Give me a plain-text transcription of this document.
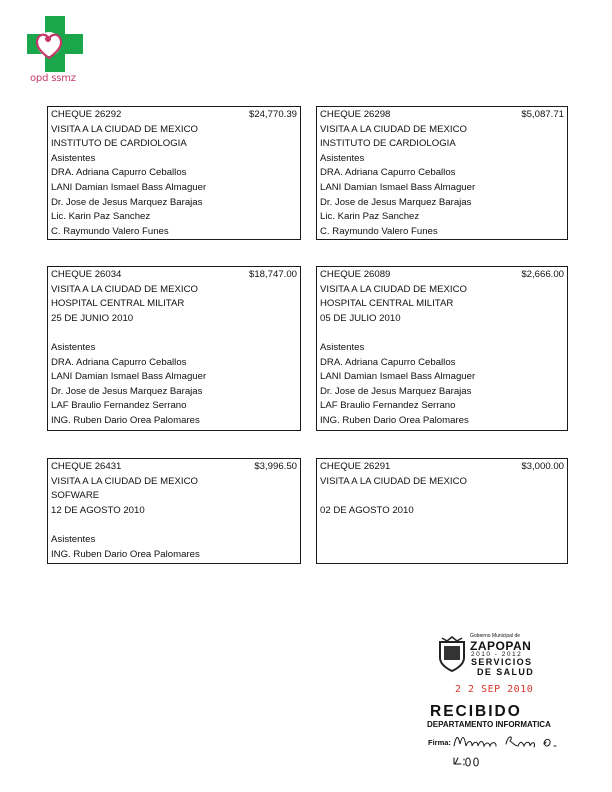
opd ssmz
CHEQUE 26292	$24,770.39
VISITA A LA CIUDAD DE MEXICO
INSTITUTO DE CARDIOLOGIA
Asistentes
DRA. Adriana Capurro Ceballos
LANI Damian Ismael Bass Almaguer
Dr. Jose de Jesus Marquez Barajas
Lic. Karin Paz Sanchez
C. Raymundo Valero Funes
CHEQUE 26298	$5,087.71
VISITA A LA CIUDAD DE MEXICO
INSTITUTO DE CARDIOLOGIA
Asistentes
DRA. Adriana Capurro Ceballos
LANI Damian Ismael Bass Almaguer
Dr. Jose de Jesus Marquez Barajas
Lic. Karin Paz Sanchez
C. Raymundo Valero Funes
CHEQUE 26034	$18,747.00
VISITA A LA CIUDAD DE MEXICO
HOSPITAL CENTRAL MILITAR
25 DE JUNIO 2010
Asistentes
DRA. Adriana Capurro Ceballos
LANI Damian Ismael Bass Almaguer
Dr. Jose de Jesus Marquez Barajas
LAF Braulio Fernandez Serrano
ING. Ruben Dario Orea Palomares
CHEQUE 26089	$2,666.00
VISITA A LA CIUDAD DE MEXICO
HOSPITAL CENTRAL MILITAR
05 DE JULIO 2010
Asistentes
DRA. Adriana Capurro Ceballos
LANI Damian Ismael Bass Almaguer
Dr. Jose de Jesus Marquez Barajas
LAF Braulio Fernandez Serrano
ING. Ruben Dario Orea Palomares
CHEQUE 26431	$3,996.50
VISITA A LA CIUDAD DE MEXICO
SOFWARE
12 DE AGOSTO 2010
Asistentes
ING. Ruben Dario Orea Palomares
CHEQUE 26291	$3,000.00
VISITA A LA CIUDAD DE MEXICO
02 DE AGOSTO 2010
Gobierno Municipal de
ZAPOPAN
2010 - 2012
SERVICIOS
DE SALUD
2 2 SEP 2010
RECIBIDO
DEPARTAMENTO INFORMATICA
Firma:
